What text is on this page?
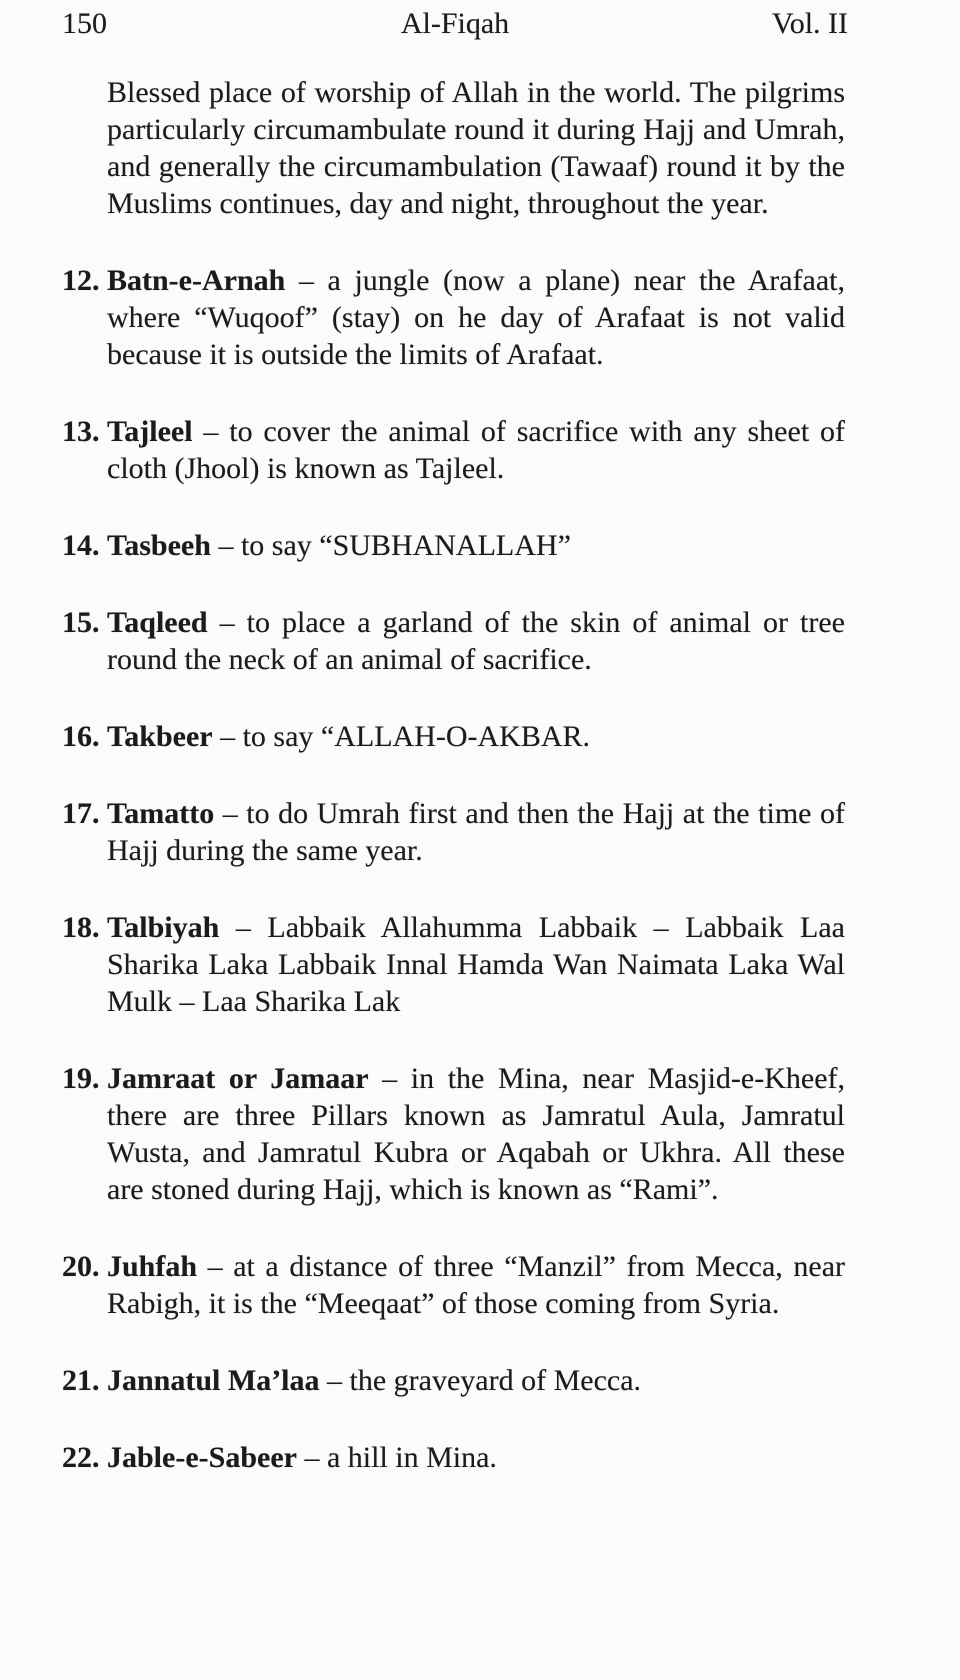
150	Al-Fiqah	Vol. II

Blessed place of worship of Allah in the world. The pilgrims particularly circumambulate round it during Hajj and Umrah, and generally the circumambulation (Tawaaf) round it by the Muslims continues, day and night, throughout the year.

12. Batn-e-Arnah – a jungle (now a plane) near the Arafaat, where “Wuqoof” (stay) on he day of Arafaat is not valid because it is outside the limits of Arafaat.
13. Tajleel – to cover the animal of sacrifice with any sheet of cloth (Jhool) is known as Tajleel.
14. Tasbeeh – to say “SUBHANALLAH”
15. Taqleed – to place a garland of the skin of animal or tree round the neck of an animal of sacrifice.
16. Takbeer – to say “ALLAH-O-AKBAR.
17. Tamatto – to do Umrah first and then the Hajj at the time of Hajj during the same year.
18. Talbiyah – Labbaik Allahumma Labbaik – Labbaik Laa Sharika Laka Labbaik Innal Hamda Wan Naimata Laka Wal Mulk – Laa Sharika Lak
19. Jamraat or Jamaar – in the Mina, near Masjid-e-Kheef, there are three Pillars known as Jamratul Aula, Jamratul Wusta, and Jamratul Kubra or Aqabah or Ukhra. All these are stoned during Hajj, which is known as “Rami”.
20. Juhfah – at a distance of three “Manzil” from Mecca, near Rabigh, it is the “Meeqaat” of those coming from Syria.
21. Jannatul Ma’laa – the graveyard of Mecca.
22. Jable-e-Sabeer – a hill in Mina.
